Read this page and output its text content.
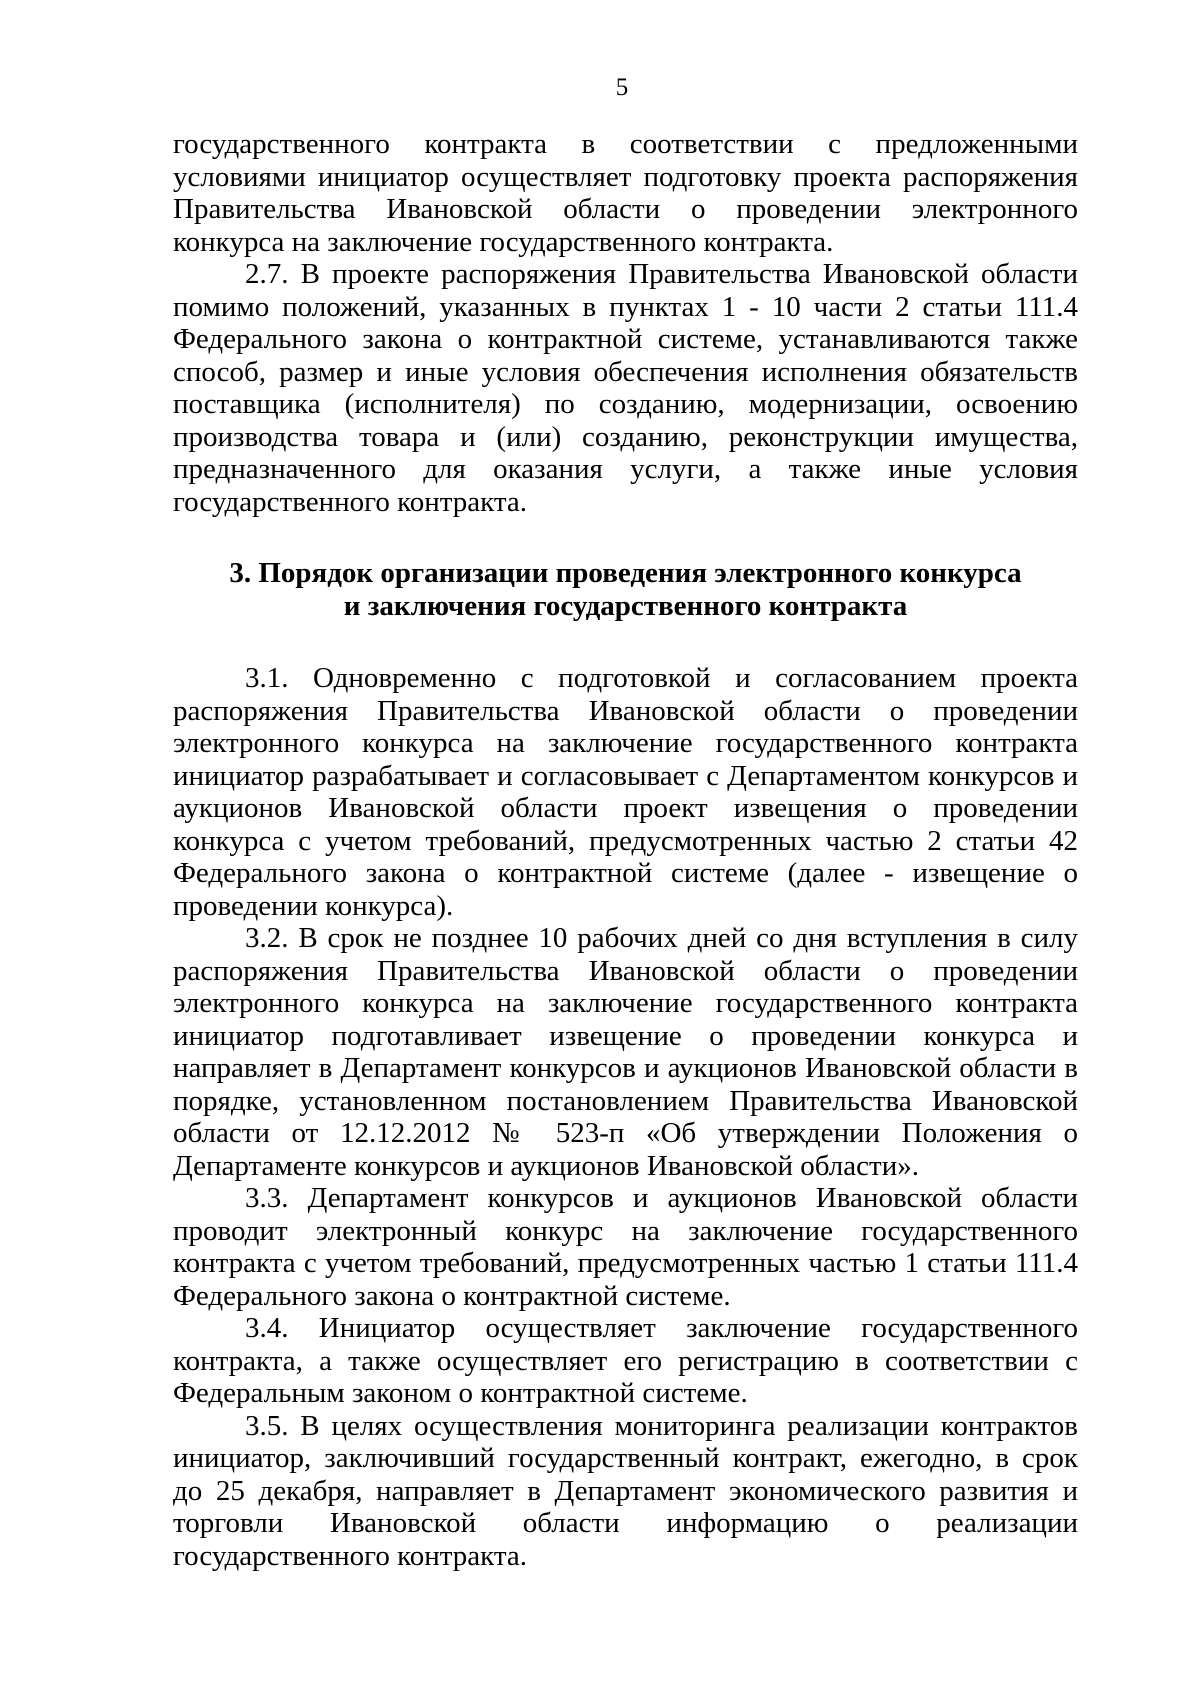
5

государственного контракта в соответствии с предложенными условиями инициатор осуществляет подготовку проекта распоряжения Правительства Ивановской области о проведении электронного конкурса на заключение государственного контракта.

2.7. В проекте распоряжения Правительства Ивановской области помимо положений, указанных в пунктах 1 - 10 части 2 статьи 111.4 Федерального закона о контрактной системе, устанавливаются также способ, размер и иные условия обеспечения исполнения обязательств поставщика (исполнителя) по созданию, модернизации, освоению производства товара и (или) созданию, реконструкции имущества, предназначенного для оказания услуги, а также иные условия государственного контракта.

3. Порядок организации проведения электронного конкурса
и заключения государственного контракта

3.1. Одновременно с подготовкой и согласованием проекта распоряжения Правительства Ивановской области о проведении электронного конкурса на заключение государственного контракта инициатор разрабатывает и согласовывает с Департаментом конкурсов и аукционов Ивановской области проект извещения о проведении конкурса с учетом требований, предусмотренных частью 2 статьи 42 Федерального закона о контрактной системе (далее - извещение о проведении конкурса).

3.2. В срок не позднее 10 рабочих дней со дня вступления в силу распоряжения Правительства Ивановской области о проведении электронного конкурса на заключение государственного контракта инициатор подготавливает извещение о проведении конкурса и направляет в Департамент конкурсов и аукционов Ивановской области в порядке, установленном постановлением Правительства Ивановской области от 12.12.2012 № 523-п «Об утверждении Положения о Департаменте конкурсов и аукционов Ивановской области».

3.3. Департамент конкурсов и аукционов Ивановской области проводит электронный конкурс на заключение государственного контракта с учетом требований, предусмотренных частью 1 статьи 111.4 Федерального закона о контрактной системе.

3.4. Инициатор осуществляет заключение государственного контракта, а также осуществляет его регистрацию в соответствии с Федеральным законом о контрактной системе.

3.5. В целях осуществления мониторинга реализации контрактов инициатор, заключивший государственный контракт, ежегодно, в срок до 25 декабря, направляет в Департамент экономического развития и торговли Ивановской области информацию о реализации государственного контракта.
